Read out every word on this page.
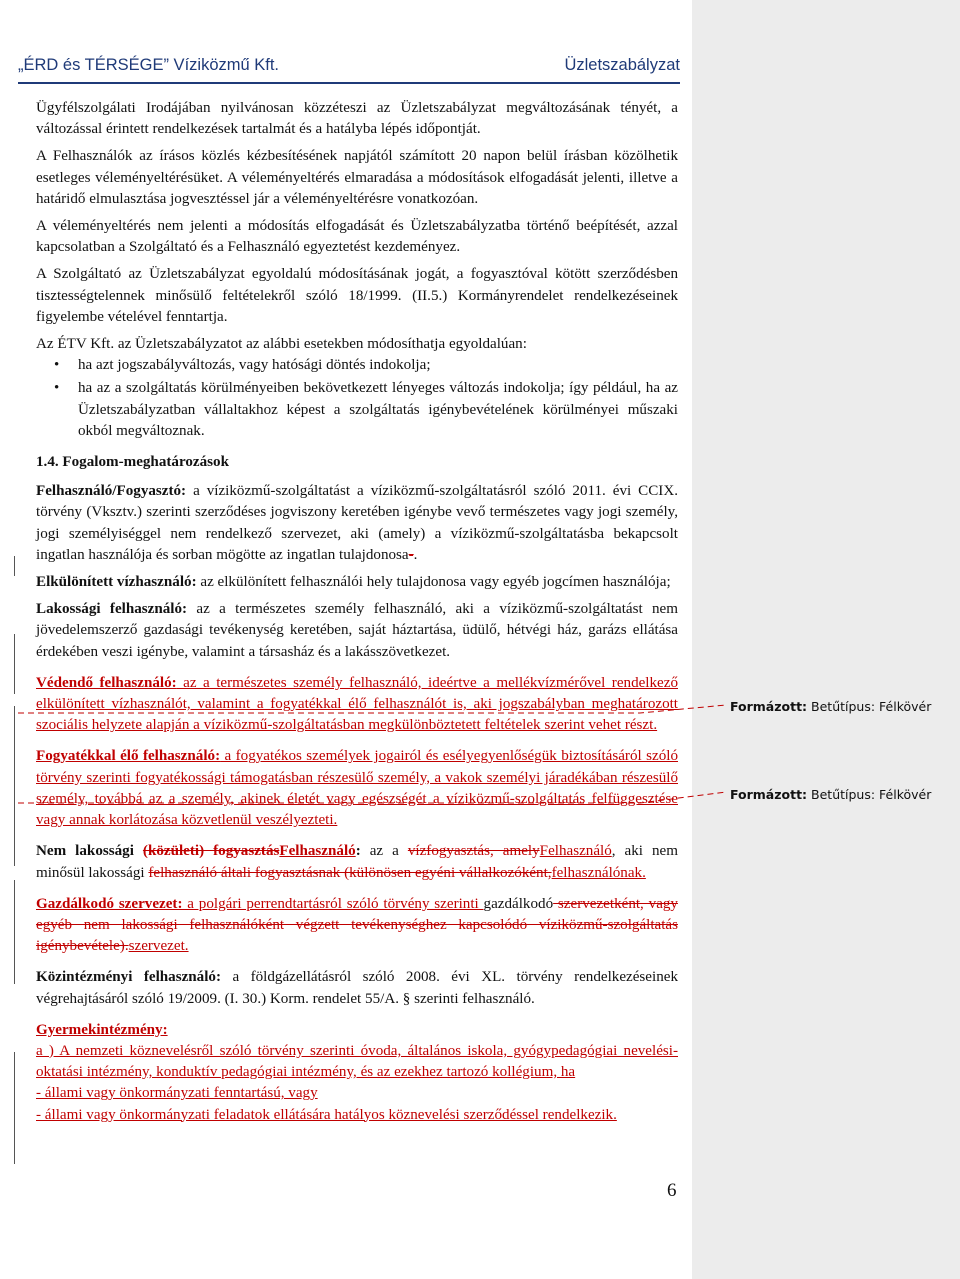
„ÉRD és TÉRSÉGE” Víziközmű Kft.	Üzletszabályzat

Ügyfélszolgálati Irodájában nyilvánosan közzéteszi az Üzletszabályzat megváltozásának tényét, a változással érintett rendelkezések tartalmát és a hatályba lépés időpontját.

A Felhasználók az írásos közlés kézbesítésének napjától számított 20 napon belül írásban közölhetik esetleges véleményeltérésüket. A véleményeltérés elmaradása a módosítások elfogadását jelenti, illetve a határidő elmulasztása jogvesztéssel jár a véleményeltérésre vonatkozóan.

A véleményeltérés nem jelenti a módosítás elfogadását és Üzletszabályzatba történő beépítését, azzal kapcsolatban a Szolgáltató és a Felhasználó egyeztetést kezdeményez.

A Szolgáltató az Üzletszabályzat egyoldalú módosításának jogát, a fogyasztóval kötött szerződésben tisztességtelennek minősülő feltételekről szóló 18/1999. (II.5.) Kormányrendelet rendelkezéseinek figyelembe vételével fenntartja.

Az ÉTV Kft. az Üzletszabályzatot az alábbi esetekben módosíthatja egyoldalúan:

• ha azt jogszabályváltozás, vagy hatósági döntés indokolja;
• ha az a szolgáltatás körülményeiben bekövetkezett lényeges változás indokolja; így például, ha az Üzletszabályzatban vállaltakhoz képest a szolgáltatás igénybevételének körülményei műszaki okból megváltoznak.

1.4. Fogalom-meghatározások

Felhasználó/Fogyasztó: a víziközmű-szolgáltatást a víziközmű-szolgáltatásról szóló 2011. évi CCIX. törvény (Vksztv.) szerinti szerződéses jogviszony keretében igénybe vevő természetes vagy jogi személy, jogi személyiséggel nem rendelkező szervezet, aki (amely) a víziközmű-szolgáltatásba bekapcsolt ingatlan használója és sorban mögötte az ingatlan tulajdonosa-.

Elkülönített vízhasználó: az elkülönített felhasználói hely tulajdonosa vagy egyéb jogcímen használója;

Lakossági felhasználó: az a természetes személy felhasználó, aki a víziközmű-szolgáltatást nem jövedelemszerző gazdasági tevékenység keretében, saját háztartása, üdülő, hétvégi ház, garázs ellátása érdekében veszi igénybe, valamint a társasház és a lakásszövetkezet.

Védendő felhasználó: az a természetes személy felhasználó, ideértve a mellékvízmérővel rendelkező elkülönített vízhasználót, valamint a fogyatékkal élő felhasználót is, aki jogszabályban meghatározott szociális helyzete alapján a víziközmű-szolgáltatásban megkülönböztetett feltételek szerint vehet részt.

Fogyatékkal élő felhasználó: a fogyatékos személyek jogairól és esélyegyenlőségük biztosításáról szóló törvény szerinti fogyatékossági támogatásban részesülő személy, a vakok személyi járadékában részesülő személy, továbbá az a személy, akinek életét vagy egészségét a víziközmű-szolgáltatás felfüggesztése vagy annak korlátozása közvetlenül veszélyezteti.

Nem lakossági (közületi) fogyasztásFelhasználó: az a vízfogyasztás, amelyFelhasználó, aki nem minősül lakossági felhasználó általi fogyasztásnak (különösen egyéni vállalkozóként,felhasználónak.

Gazdálkodó szervezet: a polgári perrendtartásról szóló törvény szerinti gazdálkodó szervezetként, vagy egyéb nem lakossági felhasználóként végzett tevékenységhez kapcsolódó víziközmű-szolgáltatás igénybevétele).szervezet.

Közintézményi felhasználó: a földgázellátásról szóló 2008. évi XL. törvény rendelkezéseinek végrehajtásáról szóló 19/2009. (I. 30.) Korm. rendelet 55/A. § szerinti felhasználó.

Gyermekintézmény:

a ) A nemzeti köznevelésről szóló törvény szerinti óvoda, általános iskola, gyógypedagógiai nevelési-oktatási intézmény, konduktív pedagógiai intézmény, és az ezekhez tartozó kollégium, ha

- állami vagy önkormányzati fenntartású, vagy

- állami vagy önkormányzati feladatok ellátására hatályos köznevelési szerződéssel rendelkezik.

6
Formázott: Betűtípus: Félkövér
Formázott: Betűtípus: Félkövér
